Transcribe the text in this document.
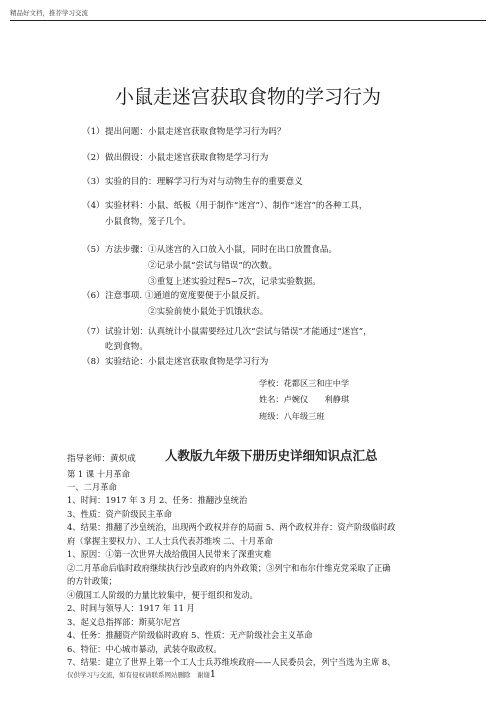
精品好文档，推荐学习交流
小鼠走迷宫获取食物的学习行为
（1） 提出问题：小鼠走迷宫获取食物是学习行为吗？
（2） 做出假设：小鼠走迷宫获取食物是学习行为
（3） 实验的目的：理解学习行为对与动物生存的重要意义
（4） 实验材料：小鼠、纸板（用于制作“迷宫”）、制作“迷宫”的各种工具，
小鼠食物，笼子几个。
（5） 方法步骤：①从迷宫的入口放入小鼠，同时在出口放置食品。
②记录小鼠“尝试与错误”的次数。
③重复上述实验过程5~7次，记录实验数据。
（6） 注意事项. ①通道的宽度要便于小鼠反折。
②实验前使小鼠处于饥饿状态。
（7） 试验计划：认真统计小鼠需要经过几次“尝试与错误”才能通过“迷宫”，
吃到食物。
（8） 实验结论：小鼠走迷宫获取食物是学习行为
学校：花都区三和庄中学
姓名：卢婉仪　　利静琪
班级：八年级三班
指导老师：黄炽成 人教版九年级下册历史详细知识点汇总
第 1 课 十月革命
一、二月革命
1、时间：1917 年 3 月 2、任务：推翻沙皇统治
3、性质：资产阶级民主革命
4、结果：推翻了沙皇统治，出现两个政权并存的局面 5、两个政权并存：资产阶级临时政
府（掌握主要权力）、工人士兵代表苏维埃 二、十月革命
1、原因：①第一次世界大战给俄国人民带来了深重灾难
②二月革命后临时政府继续执行沙皇政府的内外政策；③列宁和布尔什维克党采取了正确
的方针政策；
④俄国工人阶级的力量比较集中，便于组织和发动。
2、时间与领导人：1917 年 11 月
3、起义总指挥部：斯莫尔尼宫
4、任务：推翻资产阶级临时政府 5、性质：无产阶级社会主义革命
6、特征：中心城市暴动，武装夺取政权。
7、结果：建立了世界上第一个工人士兵苏维埃政府——人民委员会，列宁当选为主席 8、
仅供学习与交流，如有侵权请联系网站删除　谢谢1
